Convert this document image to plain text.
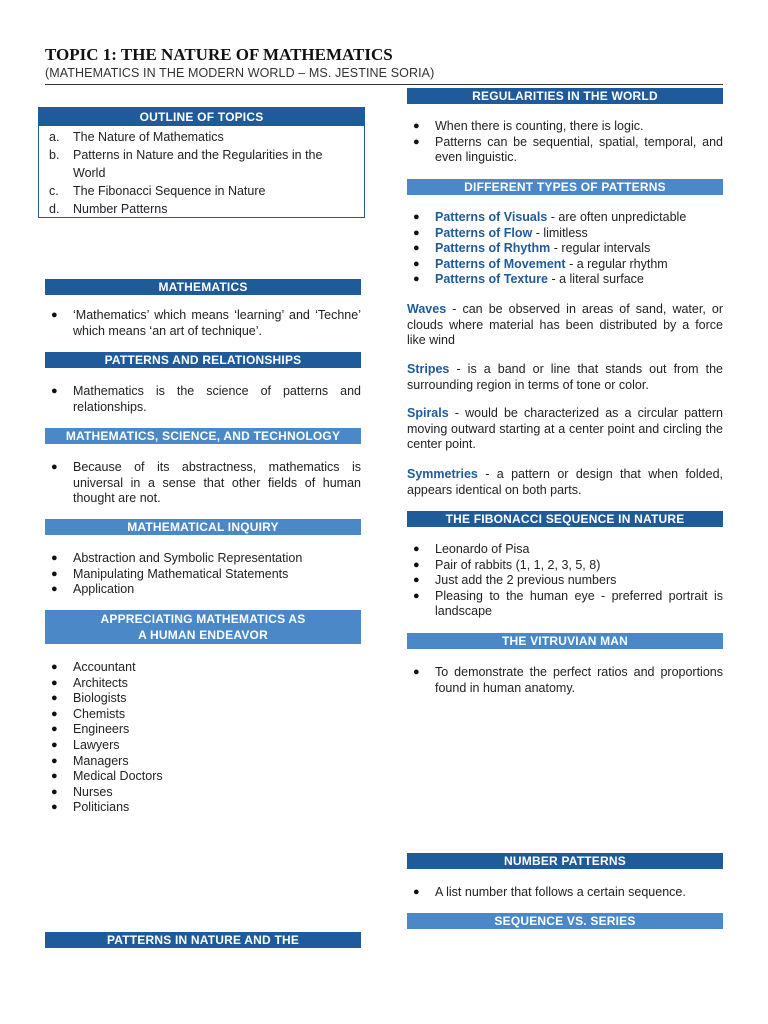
TOPIC 1: THE NATURE OF MATHEMATICS
(MATHEMATICS IN THE MODERN WORLD – MS. JESTINE SORIA)
OUTLINE OF TOPICS
a.	The Nature of Mathematics
b.	Patterns in Nature and the Regularities in the World
c.	The Fibonacci Sequence in Nature
d.	Number Patterns
MATHEMATICS
● ‘Mathematics’ which means ‘learning’ and ‘Techne’ which means ‘an art of technique’.
PATTERNS AND RELATIONSHIPS
● Mathematics is the science of patterns and relationships.
MATHEMATICS, SCIENCE, AND TECHNOLOGY
● Because of its abstractness, mathematics is universal in a sense that other fields of human thought are not.
MATHEMATICAL INQUIRY
● Abstraction and Symbolic Representation
● Manipulating Mathematical Statements
● Application
APPRECIATING MATHEMATICS AS
A HUMAN ENDEAVOR
● Accountant
● Architects
● Biologists
● Chemists
● Engineers
● Lawyers
● Managers
● Medical Doctors
● Nurses
● Politicians
PATTERNS IN NATURE AND THE
REGULARITIES IN THE WORLD
● When there is counting, there is logic.
● Patterns can be sequential, spatial, temporal, and even linguistic.
DIFFERENT TYPES OF PATTERNS
● Patterns of Visuals - are often unpredictable
● Patterns of Flow - limitless
● Patterns of Rhythm - regular intervals
● Patterns of Movement - a regular rhythm
● Patterns of Texture - a literal surface
Waves - can be observed in areas of sand, water, or clouds where material has been distributed by a force like wind
Stripes - is a band or line that stands out from the surrounding region in terms of tone or color.
Spirals - would be characterized as a circular pattern moving outward starting at a center point and circling the center point.
Symmetries - a pattern or design that when folded, appears identical on both parts.
THE FIBONACCI SEQUENCE IN NATURE
● Leonardo of Pisa
● Pair of rabbits (1, 1, 2, 3, 5, 8)
● Just add the 2 previous numbers
● Pleasing to the human eye - preferred portrait is landscape
THE VITRUVIAN MAN
● To demonstrate the perfect ratios and proportions found in human anatomy.
NUMBER PATTERNS
● A list number that follows a certain sequence.
SEQUENCE VS. SERIES
